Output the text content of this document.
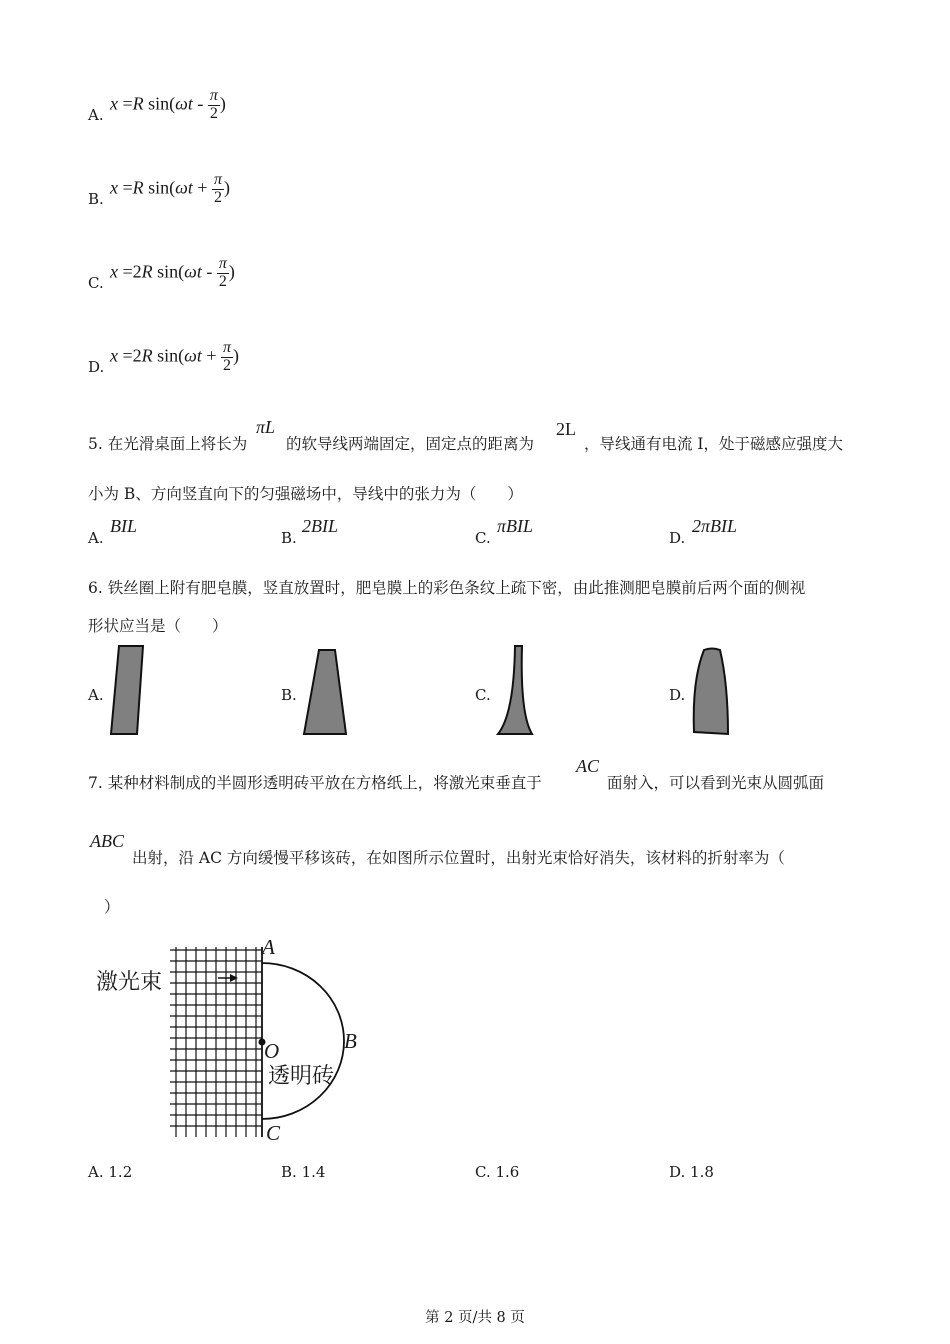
A.
x =R $\sin(\omega t - \frac{\pi}{2}$ )
B.
x =R $\sin(\omega t + \frac{\pi}{2}$ )
C.
x =2R $\sin(\omega t - \frac{\pi}{2}$ )
D.
x =2R $\sin(\omega t + \frac{\pi}{2}$ )
5. 在光滑桌面上将长为
πL
的软导线两端固定，固定点的距离为
2L
，导线通有电流 I，处于磁感应强度大
小为 B、方向竖直向下的匀强磁场中，导线中的张力为（　　）
A.
BIL
B.
2BIL
C.
πBIL
D.
2πBIL
6. 铁丝圈上附有肥皂膜，竖直放置时，肥皂膜上的彩色条纹上疏下密，由此推测肥皂膜前后两个面的侧视
形状应当是（　　）
A.	B.	C.	D.
7. 某种材料制成的半圆形透明砖平放在方格纸上，将激光束垂直于
AC
面射入，可以看到光束从圆弧面
ABC
出射，沿 AC 方向缓慢平移该砖，在如图所示位置时，出射光束恰好消失，该材料的折射率为（
）
激光束
A
B
C
O
透明砖
A. 1.2	B. 1.4	C. 1.6	D. 1.8
第 2 页/共 8 页
